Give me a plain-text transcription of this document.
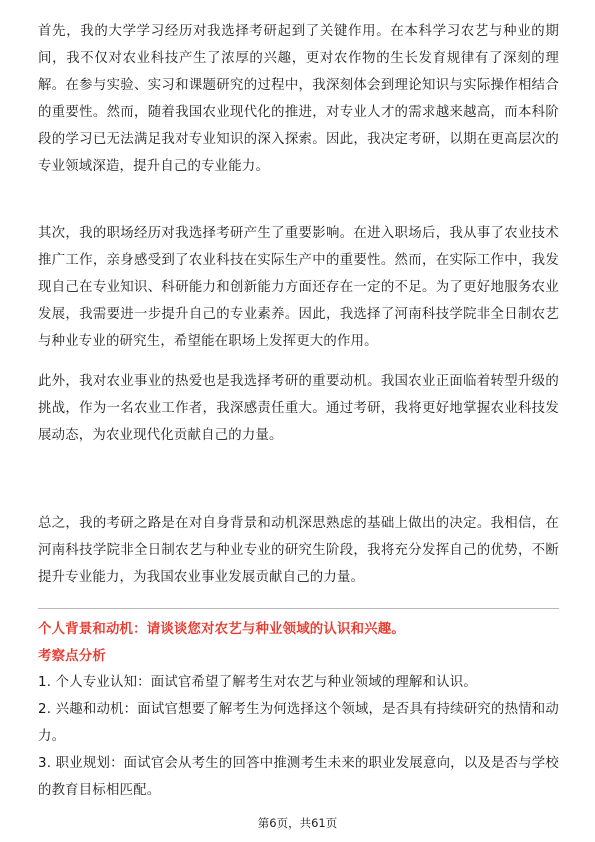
首先，我的大学学习经历对我选择考研起到了关键作用。在本科学习农艺与种业的期间，我不仅对农业科技产生了浓厚的兴趣，更对农作物的生长发育规律有了深刻的理解。在参与实验、实习和课题研究的过程中，我深刻体会到理论知识与实际操作相结合的重要性。然而，随着我国农业现代化的推进，对专业人才的需求越来越高，而本科阶段的学习已无法满足我对专业知识的深入探索。因此，我决定考研，以期在更高层次的专业领域深造，提升自己的专业能力。

其次，我的职场经历对我选择考研产生了重要影响。在进入职场后，我从事了农业技术推广工作，亲身感受到了农业科技在实际生产中的重要性。然而，在实际工作中，我发现自己在专业知识、科研能力和创新能力方面还存在一定的不足。为了更好地服务农业发展，我需要进一步提升自己的专业素养。因此，我选择了河南科技学院非全日制农艺与种业专业的研究生，希望能在职场上发挥更大的作用。

此外，我对农业事业的热爱也是我选择考研的重要动机。我国农业正面临着转型升级的挑战，作为一名农业工作者，我深感责任重大。通过考研，我将更好地掌握农业科技发展动态，为农业现代化贡献自己的力量。

总之，我的考研之路是在对自身背景和动机深思熟虑的基础上做出的决定。我相信，在河南科技学院非全日制农艺与种业专业的研究生阶段，我将充分发挥自己的优势，不断提升专业能力，为我国农业事业发展贡献自己的力量。

个人背景和动机：请谈谈您对农艺与种业领域的认识和兴趣。

考察点分析

1. 个人专业认知：面试官希望了解考生对农艺与种业领域的理解和认识。
2. 兴趣和动机：面试官想要了解考生为何选择这个领域，是否具有持续研究的热情和动力。
3. 职业规划：面试官会从考生的回答中推测考生未来的职业发展意向，以及是否与学校的教育目标相匹配。
第6页，共61页
